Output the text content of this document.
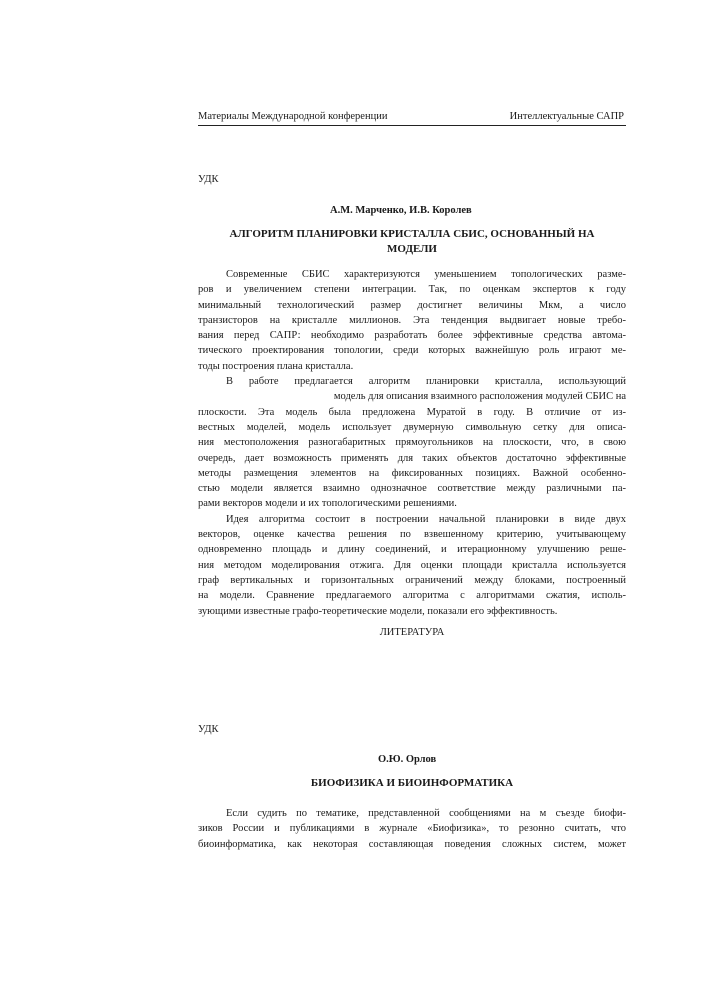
Материалы Международной конференции	Интеллектуальные САПР
УДК
А.М. Марченко, И.В. Королев
АЛГОРИТМ ПЛАНИРОВКИ КРИСТАЛЛА СБИС, ОСНОВАННЫЙ НА
МОДЕЛИ
Современные СБИС характеризуются уменьшением топологических разме-
ров и увеличением степени интеграции. Так, по оценкам экспертов к году
минимальный технологический размер достигнет величины Мкм, а число
транзисторов на кристалле миллионов. Эта тенденция выдвигает новые требо-
вания перед САПР: необходимо разработать более эффективные средства автома-
тического проектирования топологии, среди которых важнейшую роль играют ме-
тоды построения плана кристалла.
В работе предлагается алгоритм планировки кристалла, использующий
модель для описания взаимного расположения модулей СБИС на
плоскости. Эта модель была предложена Муратой в году. В отличие от из-
вестных моделей, модель использует двумерную символьную сетку для описа-
ния местоположения разногабаритных прямоугольников на плоскости, что, в свою
очередь, дает возможность применять для таких объектов достаточно эффективные
методы размещения элементов на фиксированных позициях. Важной особенно-
стью модели является взаимно однозначное соответствие между различными па-
рами векторов модели и их топологическими решениями.
Идея алгоритма состоит в построении начальной планировки в виде двух
векторов, оценке качества решения по взвешенному критерию, учитывающему
одновременно площадь и длину соединений, и итерационному улучшению реше-
ния методом моделирования отжига. Для оценки площади кристалла используется
граф вертикальных и горизонтальных ограничений между блоками, построенный
на модели. Сравнение предлагаемого алгоритма с алгоритмами сжатия, исполь-
зующими известные графо-теоретические модели, показали его эффективность.
ЛИТЕРАТУРА
УДК
О.Ю. Орлов
БИОФИЗИКА И БИОИНФОРМАТИКА
Если судить по тематике, представленной сообщениями на м съезде биофи-
зиков России и публикациями в журнале «Биофизика», то резонно считать, что
биоинформатика, как некоторая составляющая поведения сложных систем, может
